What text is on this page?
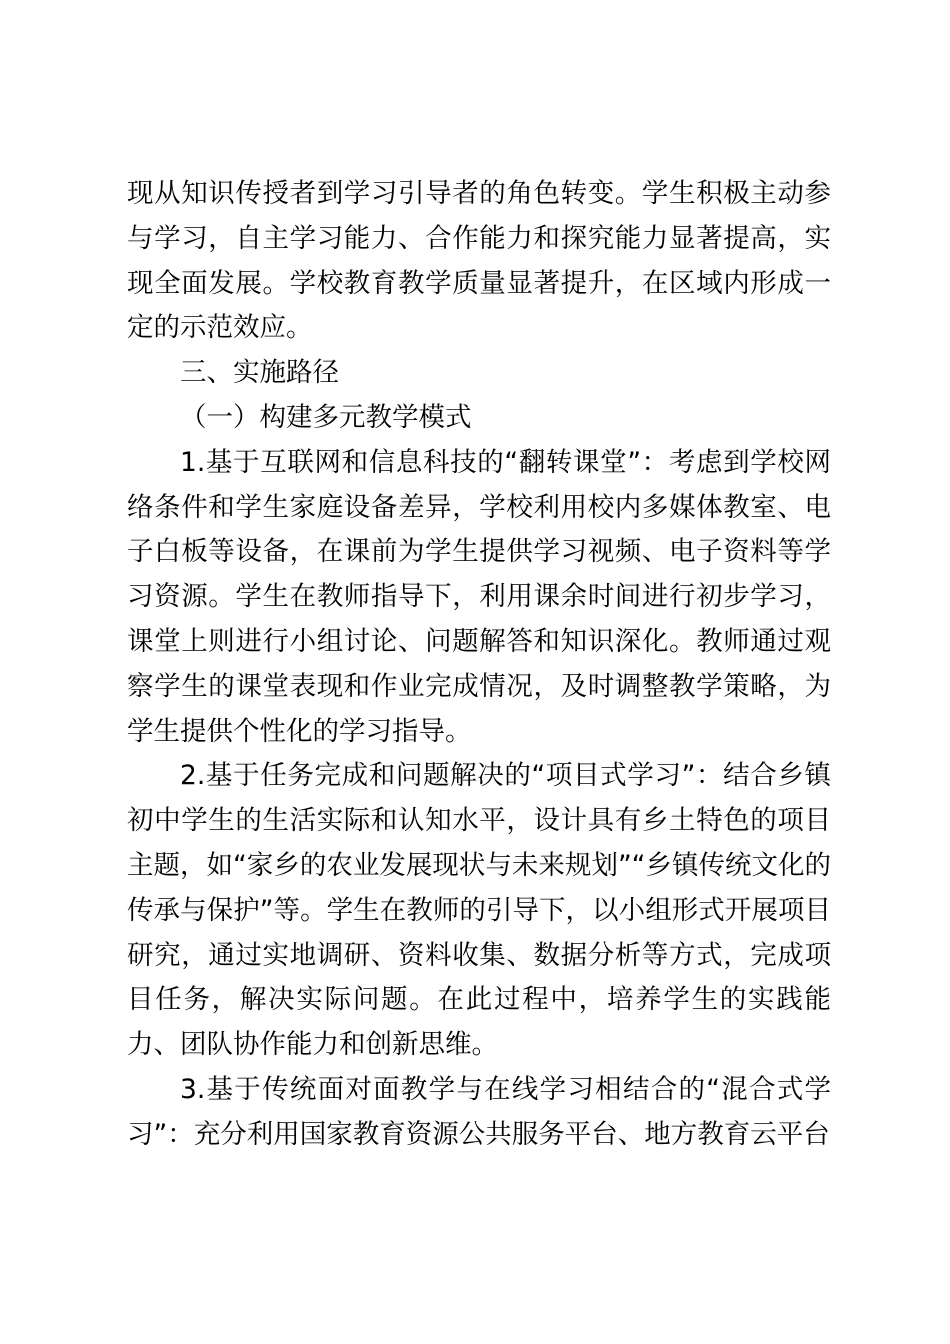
现从知识传授者到学习引导者的角色转变。学生积极主动参与学习，自主学习能力、合作能力和探究能力显著提高，实现全面发展。学校教育教学质量显著提升，在区域内形成一定的示范效应。

三、实施路径

（一）构建多元教学模式

1.基于互联网和信息科技的“翻转课堂”：考虑到学校网络条件和学生家庭设备差异，学校利用校内多媒体教室、电子白板等设备，在课前为学生提供学习视频、电子资料等学习资源。学生在教师指导下，利用课余时间进行初步学习，课堂上则进行小组讨论、问题解答和知识深化。教师通过观察学生的课堂表现和作业完成情况，及时调整教学策略，为学生提供个性化的学习指导。

2.基于任务完成和问题解决的“项目式学习”：结合乡镇初中学生的生活实际和认知水平，设计具有乡土特色的项目主题，如“家乡的农业发展现状与未来规划”“乡镇传统文化的传承与保护”等。学生在教师的引导下，以小组形式开展项目研究，通过实地调研、资料收集、数据分析等方式，完成项目任务，解决实际问题。在此过程中，培养学生的实践能力、团队协作能力和创新思维。

3.基于传统面对面教学与在线学习相结合的“混合式学习”：充分利用国家教育资源公共服务平台、地方教育云平台
